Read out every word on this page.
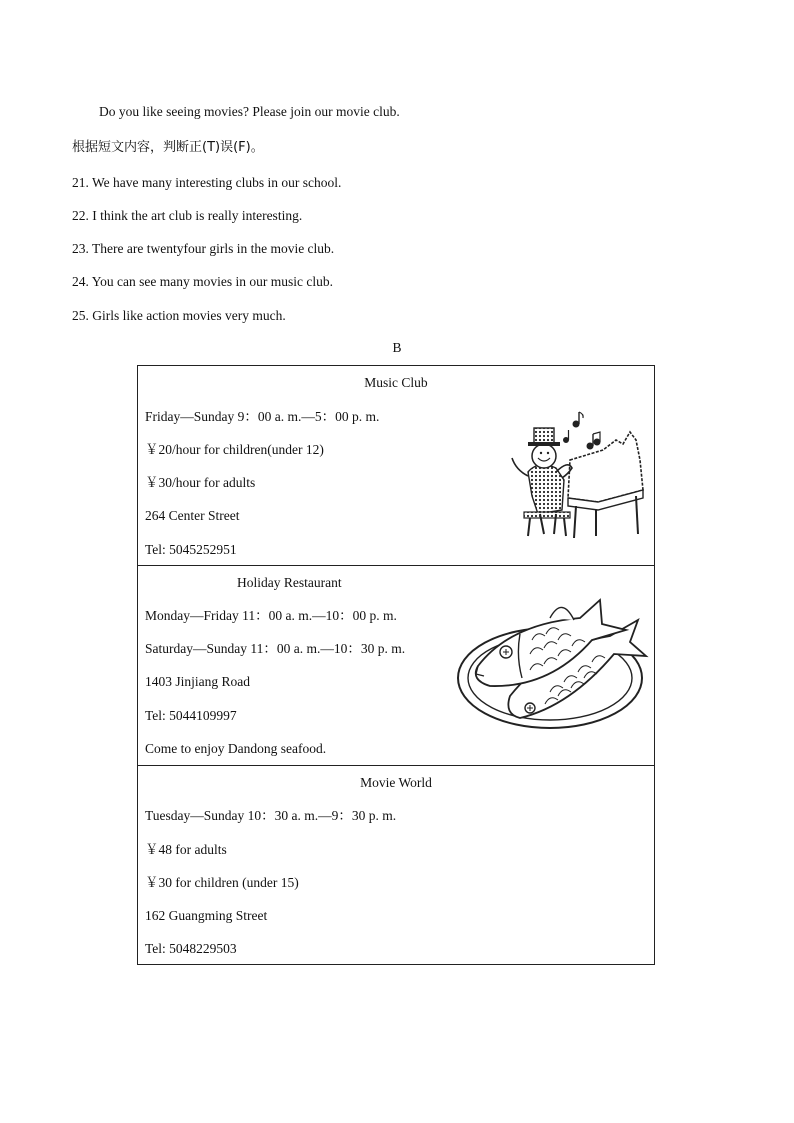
Do you like seeing movies? Please join our movie club.
根据短文内容，判断正(T)误(F)。
21. We have many interesting clubs in our school.
22. I think the art club is really interesting.
23. There are twentyfour girls in the movie club.
24. You can see many movies in our music club.
25. Girls like action movies very much.
B
Music Club
Friday—Sunday 9：00 a. m.—5：00 p. m.
￥20/hour for children(under 12)
￥30/hour for adults
264 Center Street
Tel: 5045252951
Holiday Restaurant
Monday—Friday 11：00 a. m.—10：00 p. m.
Saturday—Sunday 11：00 a. m.—10：30 p. m.
1403 Jinjiang Road
Tel: 5044109997
Come to enjoy Dandong seafood.
Movie World
Tuesday—Sunday 10：30 a. m.—9：30 p. m.
￥48 for adults
￥30 for children (under 15)
162 Guangming Street
Tel: 5048229503
